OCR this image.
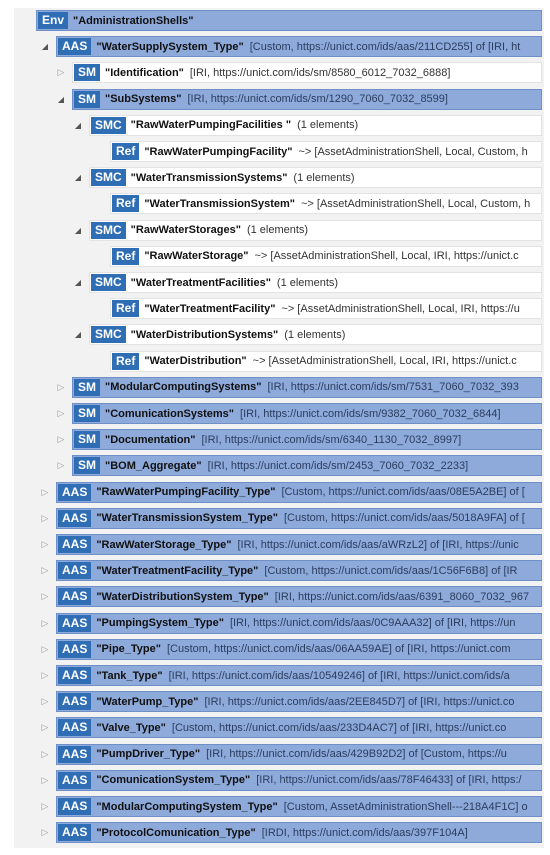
Env "AdministrationShells"
AAS "WaterSupplySystem_Type" [Custom, https://unict.com/ids/aas/211CD255] of [IRI, ht
◢
SM "Identification" [IRI, https://unict.com/ids/sm/8580_6012_7032_6888]
▷
SM "SubSystems" [IRI, https://unict.com/ids/sm/1290_7060_7032_8599]
◢
SMC "RawWaterPumpingFacilities " (1 elements)
◢
Ref "RawWaterPumpingFacility" ~> [AssetAdministrationShell, Local, Custom, h
SMC "WaterTransmissionSystems" (1 elements)
◢
Ref "WaterTransmissionSystem" ~> [AssetAdministrationShell, Local, Custom, h
SMC "RawWaterStorages" (1 elements)
◢
Ref "RawWaterStorage" ~> [AssetAdministrationShell, Local, IRI, https://unict.c
SMC "WaterTreatmentFacilities" (1 elements)
◢
Ref "WaterTreatmentFacility" ~> [AssetAdministrationShell, Local, IRI, https://u
SMC "WaterDistributionSystems" (1 elements)
◢
Ref "WaterDistribution" ~> [AssetAdministrationShell, Local, IRI, https://unict.c
SM "ModularComputingSystems" [IRI, https://unict.com/ids/sm/7531_7060_7032_393
▷
SM "ComunicationSystems" [IRI, https://unict.com/ids/sm/9382_7060_7032_6844]
▷
SM "Documentation" [IRI, https://unict.com/ids/sm/6340_1130_7032_8997]
▷
SM "BOM_Aggregate" [IRI, https://unict.com/ids/sm/2453_7060_7032_2233]
▷
AAS "RawWaterPumpingFacility_Type" [Custom, https://unict.com/ids/aas/08E5A2BE] of [
▷
AAS "WaterTransmissionSystem_Type" [Custom, https://unict.com/ids/aas/5018A9FA] of [
▷
AAS "RawWaterStorage_Type" [IRI, https://unict.com/ids/aas/aWRzL2] of [IRI, https://unic
▷
AAS "WaterTreatmentFacility_Type" [Custom, https://unict.com/ids/aas/1C56F6B8] of [IR
▷
AAS "WaterDistributionSystem_Type" [IRI, https://unict.com/ids/aas/6391_8060_7032_967
▷
AAS "PumpingSystem_Type" [IRI, https://unict.com/ids/aas/0C9AAA32] of [IRI, https://un
▷
AAS "Pipe_Type" [Custom, https://unict.com/ids/aas/06AA59AE] of [IRI, https://unict.com
▷
AAS "Tank_Type" [IRI, https://unict.com/ids/aas/10549246] of [IRI, https://unict.com/ids/a
▷
AAS "WaterPump_Type" [IRI, https://unict.com/ids/aas/2EE845D7] of [IRI, https://unict.co
▷
AAS "Valve_Type" [Custom, https://unict.com/ids/aas/233D4AC7] of [IRI, https://unict.co
▷
AAS "PumpDriver_Type" [IRI, https://unict.com/ids/aas/429B92D2] of [Custom, https://u
▷
AAS "ComunicationSystem_Type" [IRI, https://unict.com/ids/aas/78F46433] of [IRI, https:/
▷
AAS "ModularComputingSystem_Type" [Custom, AssetAdministrationShell---218A4F1C] o
▷
AAS "ProtocolComunication_Type" [IRDI, https://unict.com/ids/aas/397F104A]
▷
